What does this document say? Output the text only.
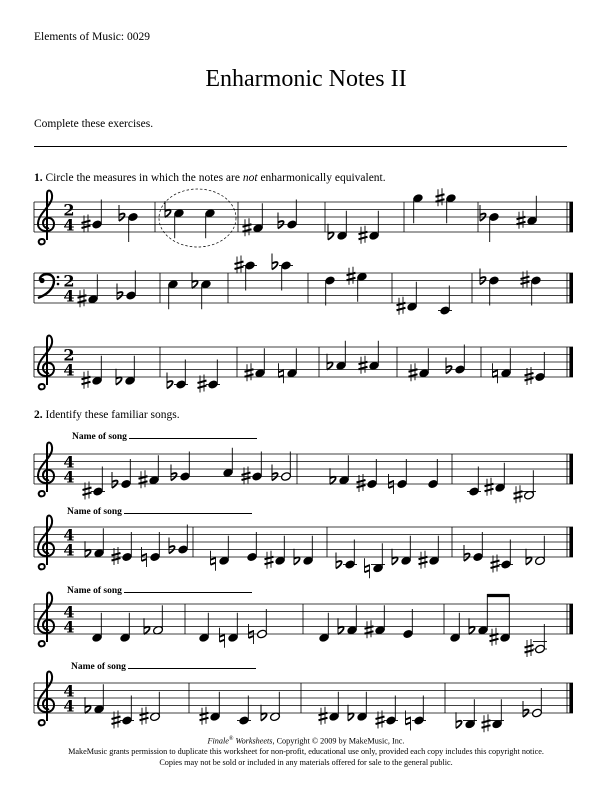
Elements of Music: 0029
Enharmonic Notes II
Complete these exercises.
1. Circle the measures in which the notes are not enharmonically equivalent.
2. Identify these familiar songs.
Name of song
Name of song
Name of song
Name of song
2
4
2
4
2
4
4
4
4
4
4
4
4
4
Finale® Worksheets, Copyright © 2009 by MakeMusic, Inc.
MakeMusic grants permission to duplicate this worksheet for non-profit, educational use only, provided each copy includes this copyright notice.
Copies may not be sold or included in any materials offered for sale to the general public.
